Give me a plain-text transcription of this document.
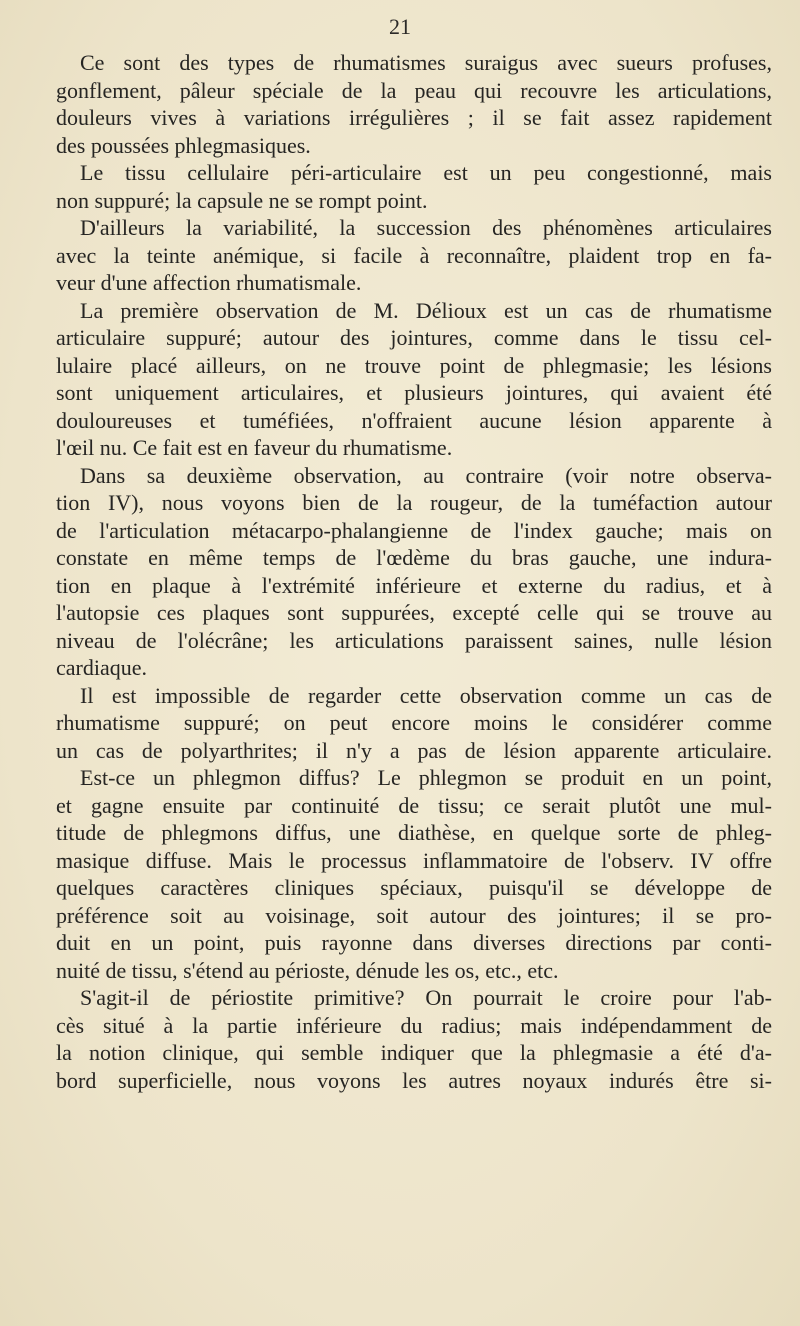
21
Ce sont des types de rhumatismes suraigus avec sueurs profuses,
gonflement, pâleur spéciale de la peau qui recouvre les articulations,
douleurs vives à variations irrégulières ; il se fait assez rapidement
des poussées phlegmasiques.
Le tissu cellulaire péri-articulaire est un peu congestionné, mais
non suppuré; la capsule ne se rompt point.
D'ailleurs la variabilité, la succession des phénomènes articulaires
avec la teinte anémique, si facile à reconnaître, plaident trop en fa-
veur d'une affection rhumatismale.
La première observation de M. Délioux est un cas de rhumatisme
articulaire suppuré; autour des jointures, comme dans le tissu cel-
lulaire placé ailleurs, on ne trouve point de phlegmasie; les lésions
sont uniquement articulaires, et plusieurs jointures, qui avaient été
douloureuses et tuméfiées, n'offraient aucune lésion apparente à
l'œil nu. Ce fait est en faveur du rhumatisme.
Dans sa deuxième observation, au contraire (voir notre observa-
tion IV), nous voyons bien de la rougeur, de la tuméfaction autour
de l'articulation métacarpo-phalangienne de l'index gauche; mais on
constate en même temps de l'œdème du bras gauche, une indura-
tion en plaque à l'extrémité inférieure et externe du radius, et à
l'autopsie ces plaques sont suppurées, excepté celle qui se trouve au
niveau de l'olécrâne; les articulations paraissent saines, nulle lésion
cardiaque.
Il est impossible de regarder cette observation comme un cas de
rhumatisme suppuré; on peut encore moins le considérer comme
un cas de polyarthrites; il n'y a pas de lésion apparente articulaire.
Est-ce un phlegmon diffus? Le phlegmon se produit en un point,
et gagne ensuite par continuité de tissu; ce serait plutôt une mul-
titude de phlegmons diffus, une diathèse, en quelque sorte de phleg-
masique diffuse. Mais le processus inflammatoire de l'observ. IV offre
quelques caractères cliniques spéciaux, puisqu'il se développe de
préférence soit au voisinage, soit autour des jointures; il se pro-
duit en un point, puis rayonne dans diverses directions par conti-
nuité de tissu, s'étend au périoste, dénude les os, etc., etc.
S'agit-il de périostite primitive? On pourrait le croire pour l'ab-
cès situé à la partie inférieure du radius; mais indépendamment de
la notion clinique, qui semble indiquer que la phlegmasie a été d'a-
bord superficielle, nous voyons les autres noyaux indurés être si-
